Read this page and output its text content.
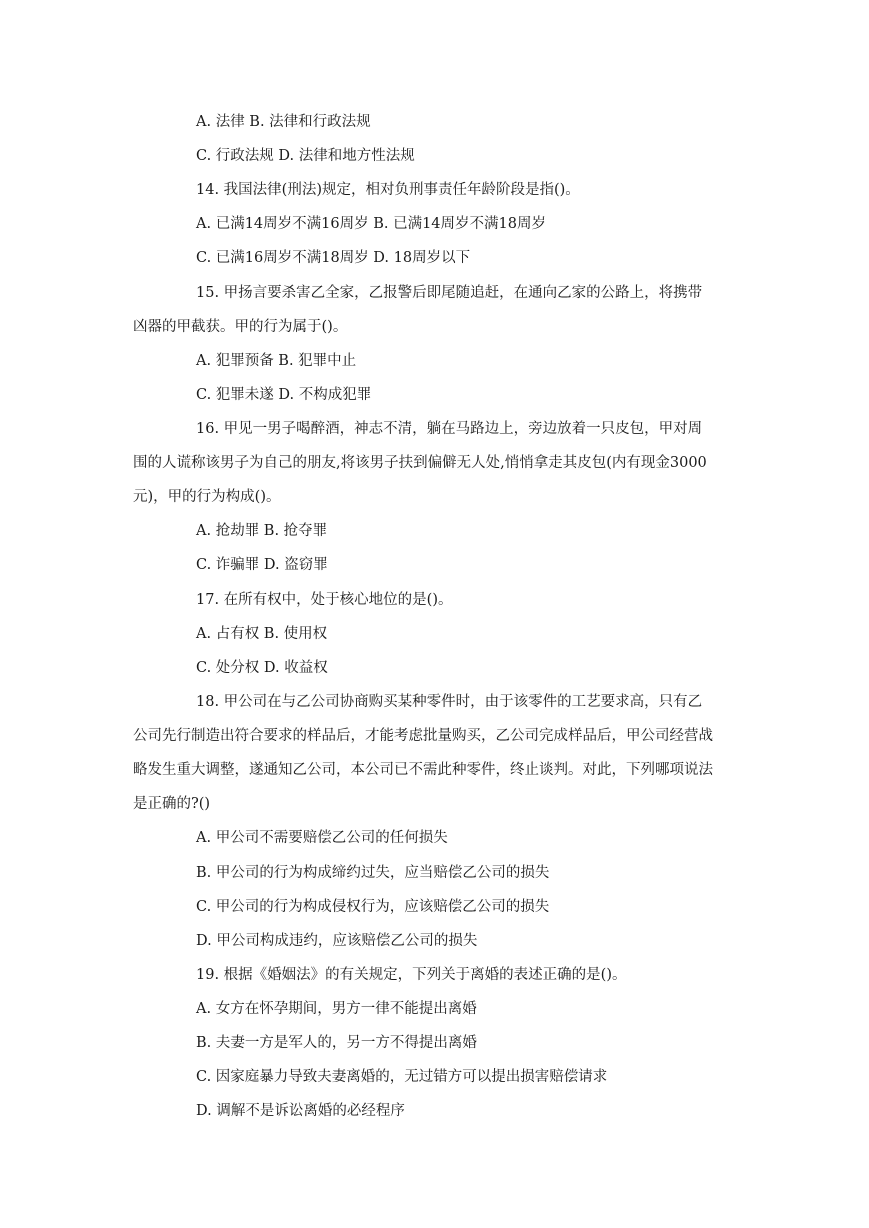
A. 法律 B. 法律和行政法规
C. 行政法规 D. 法律和地方性法规
14. 我国法律(刑法)规定，相对负刑事责任年龄阶段是指()。
A. 已满14周岁不满16周岁 B. 已满14周岁不满18周岁
C. 已满16周岁不满18周岁 D. 18周岁以下
15. 甲扬言要杀害乙全家，乙报警后即尾随追赶，在通向乙家的公路上，将携带
凶器的甲截获。甲的行为属于()。
A. 犯罪预备 B. 犯罪中止
C. 犯罪未遂 D. 不构成犯罪
16. 甲见一男子喝醉酒，神志不清，躺在马路边上，旁边放着一只皮包，甲对周
围的人谎称该男子为自己的朋友,将该男子扶到偏僻无人处,悄悄拿走其皮包(内有现金3000
元)，甲的行为构成()。
A. 抢劫罪 B. 抢夺罪
C. 诈骗罪 D. 盗窃罪
17. 在所有权中，处于核心地位的是()。
A. 占有权 B. 使用权
C. 处分权 D. 收益权
18. 甲公司在与乙公司协商购买某种零件时，由于该零件的工艺要求高，只有乙
公司先行制造出符合要求的样品后，才能考虑批量购买，乙公司完成样品后，甲公司经营战
略发生重大调整，遂通知乙公司，本公司已不需此种零件，终止谈判。对此，下列哪项说法
是正确的?()
A. 甲公司不需要赔偿乙公司的任何损失
B. 甲公司的行为构成缔约过失，应当赔偿乙公司的损失
C. 甲公司的行为构成侵权行为，应该赔偿乙公司的损失
D. 甲公司构成违约，应该赔偿乙公司的损失
19. 根据《婚姻法》的有关规定，下列关于离婚的表述正确的是()。
A. 女方在怀孕期间，男方一律不能提出离婚
B. 夫妻一方是军人的，另一方不得提出离婚
C. 因家庭暴力导致夫妻离婚的，无过错方可以提出损害赔偿请求
D. 调解不是诉讼离婚的必经程序
